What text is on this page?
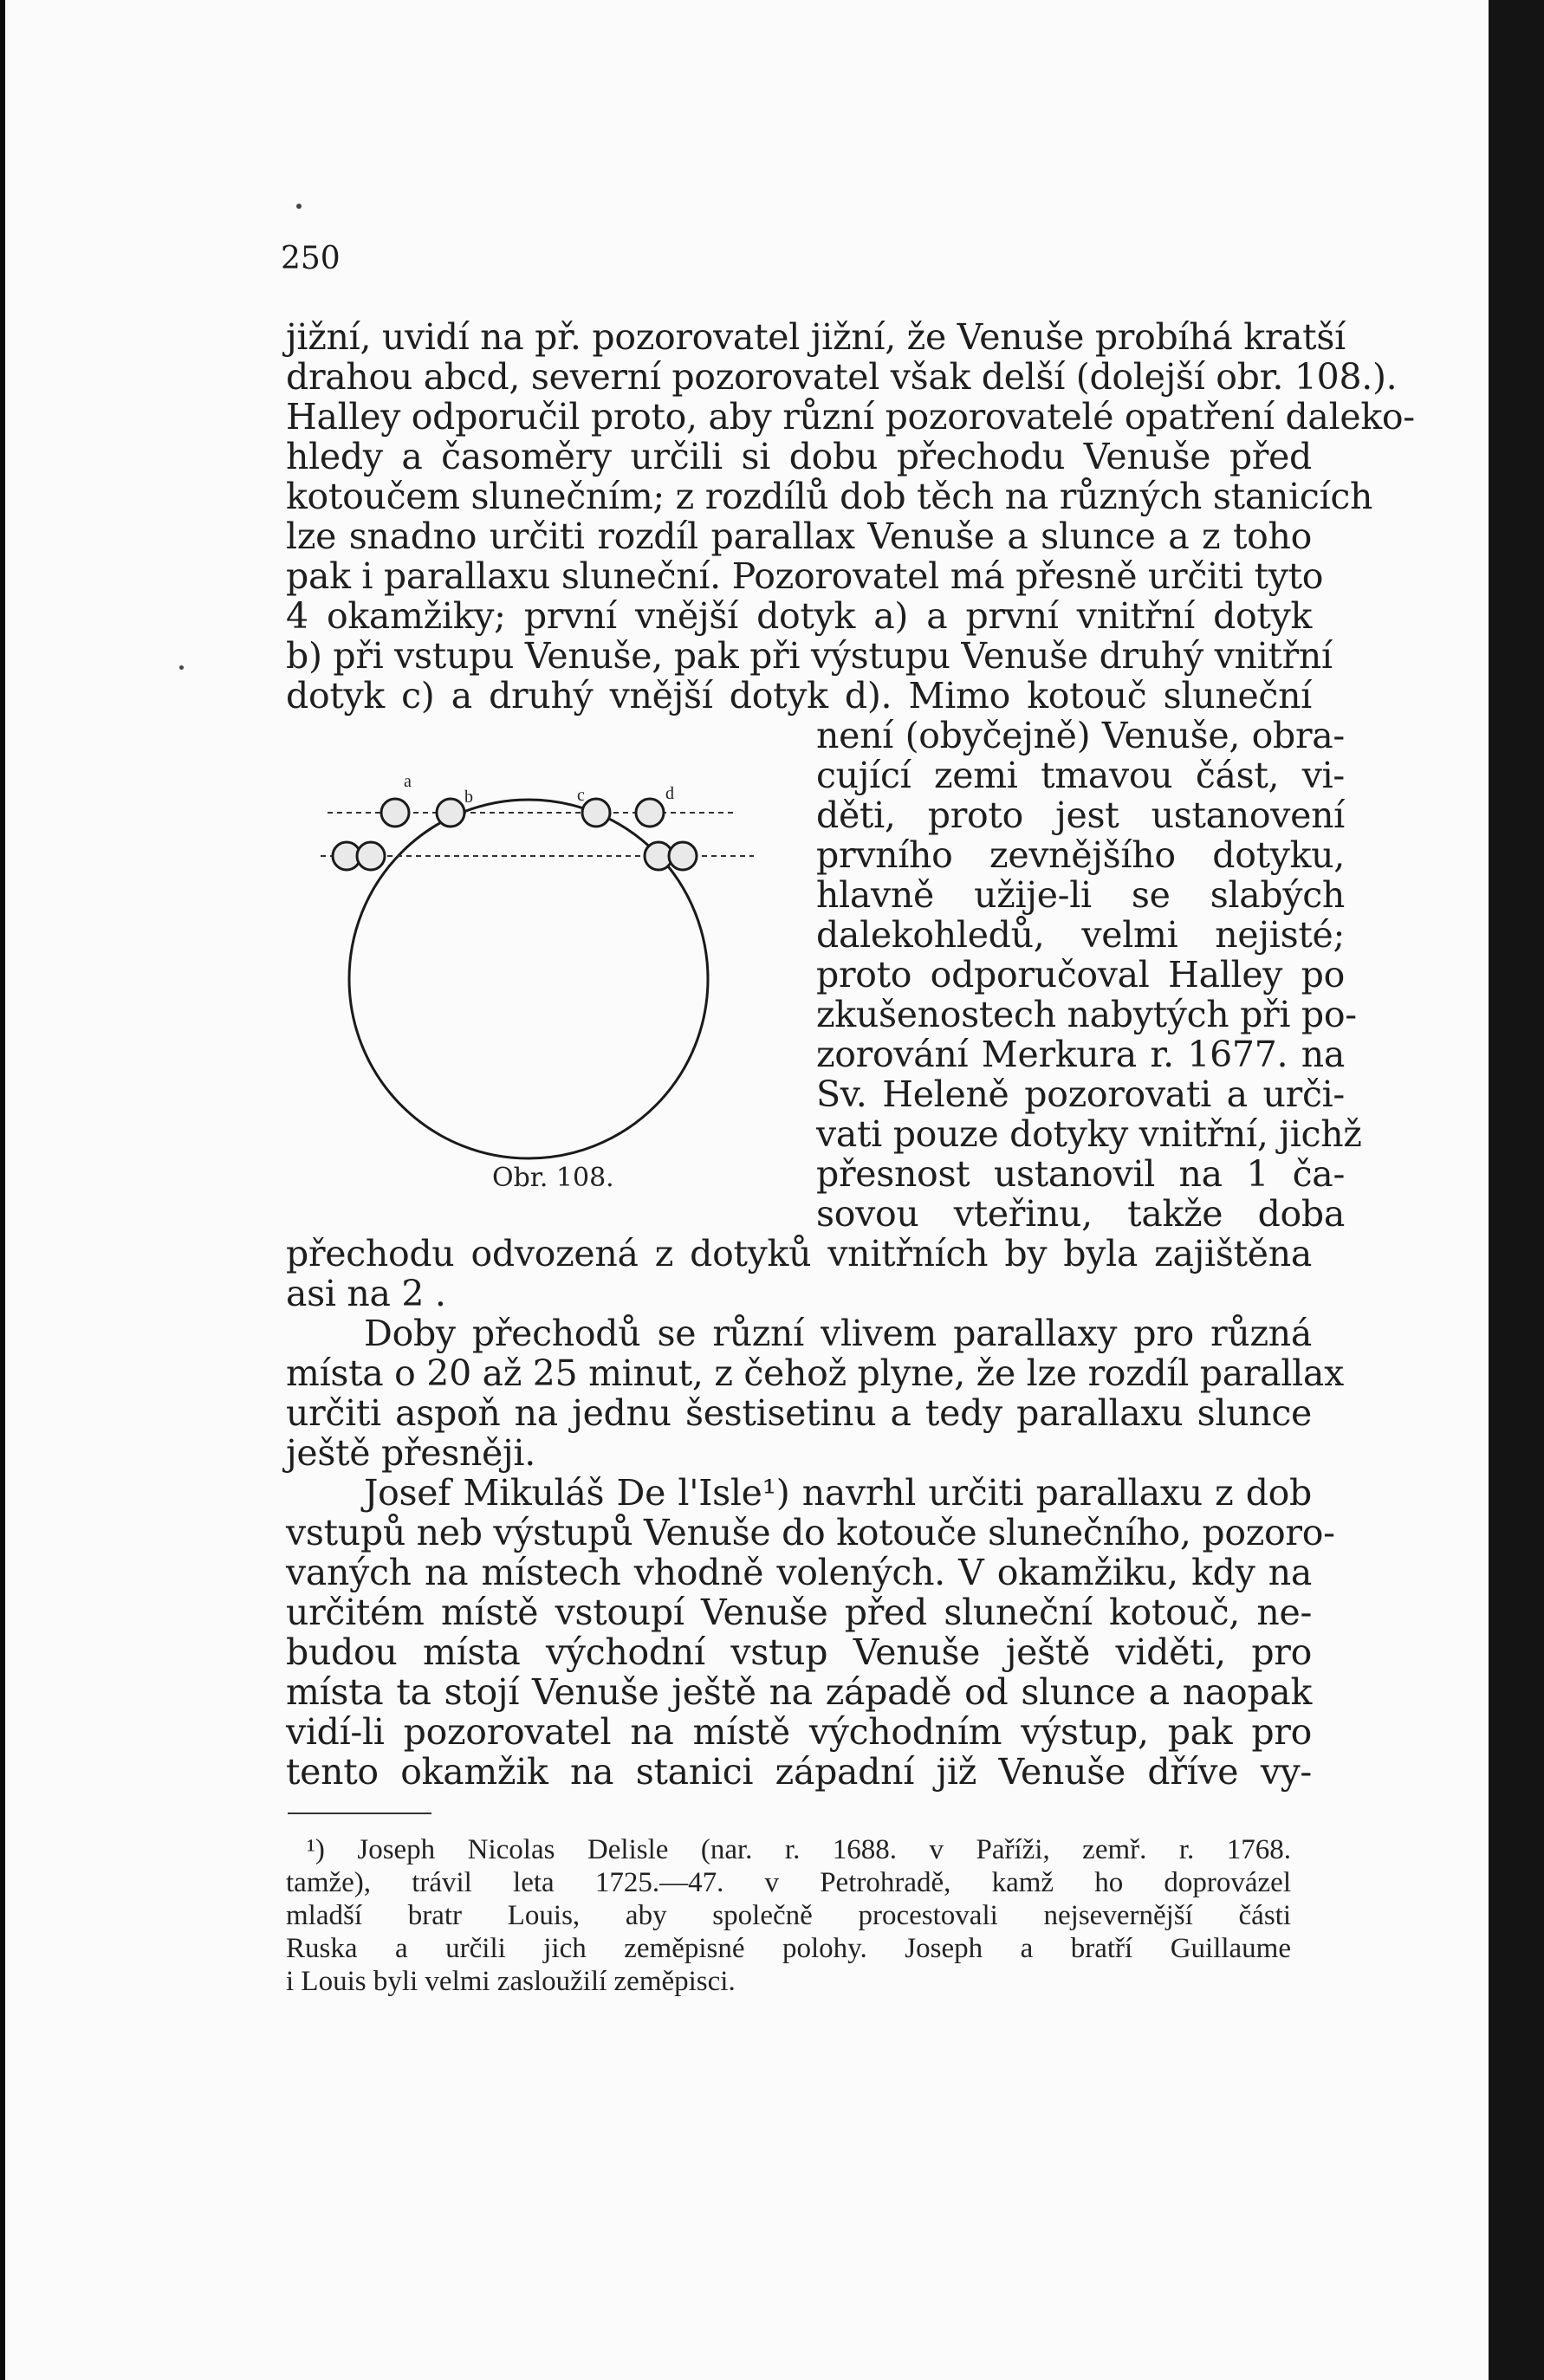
250
jižní, uvidí na př. pozorovatel jižní, že Venuše probíhá kratší
drahou abcd, severní pozorovatel však delší (dolejší obr. 108.).
Halley odporučil proto, aby různí pozorovatelé opatření daleko-
hledy a časoměry určili si dobu přechodu Venuše před
kotoučem slunečním; z rozdílů dob těch na různých stanicích
lze snadno určiti rozdíl parallax Venuše a slunce a z toho
pak i parallaxu sluneční. Pozorovatel má přesně určiti tyto
4 okamžiky; první vnější dotyk a) a první vnitřní dotyk
b) při vstupu Venuše, pak při výstupu Venuše druhý vnitřní
dotyk c) a druhý vnější dotyk d). Mimo kotouč sluneční
není (obyčejně) Venuše, obra-
cující zemi tmavou část, vi-
děti, proto jest ustanovení
prvního zevnějšího dotyku,
hlavně užije-li se slabých
dalekohledů, velmi nejisté;
proto odporučoval Halley po
zkušenostech nabytých při po-
zorování Merkura r. 1677. na
Sv. Heleně pozorovati a urči-
vati pouze dotyky vnitřní, jichž
přesnost ustanovil na 1 ča-
sovou vteřinu, takže doba
a
b	c	d
Obr. 108.
přechodu odvozená z dotyků vnitřních by byla zajištěna
asi na 2 .
Doby přechodů se různí vlivem parallaxy pro různá
místa o 20 až 25 minut, z čehož plyne, že lze rozdíl parallax
určiti aspoň na jednu šestisetinu a tedy parallaxu slunce
ještě přesněji.
Josef Mikuláš De l'Isle¹) navrhl určiti parallaxu z dob
vstupů neb výstupů Venuše do kotouče slunečního, pozoro-
vaných na místech vhodně volených. V okamžiku, kdy na
určitém místě vstoupí Venuše před sluneční kotouč, ne-
budou místa východní vstup Venuše ještě viděti, pro
místa ta stojí Venuše ještě na západě od slunce a naopak
vidí-li pozorovatel na místě východním výstup, pak pro
tento okamžik na stanici západní již Venuše dříve vy-
¹) Joseph Nicolas Delisle (nar. r. 1688. v Paříži, zemř. r. 1768.
tamže), trávil leta 1725.—47. v Petrohradě, kamž ho doprovázel
mladší bratr Louis, aby společně procestovali nejsevernější části
Ruska a určili jich zeměpisné polohy. Joseph a bratří Guillaume
i Louis byli velmi zasloužilí zeměpisci.
